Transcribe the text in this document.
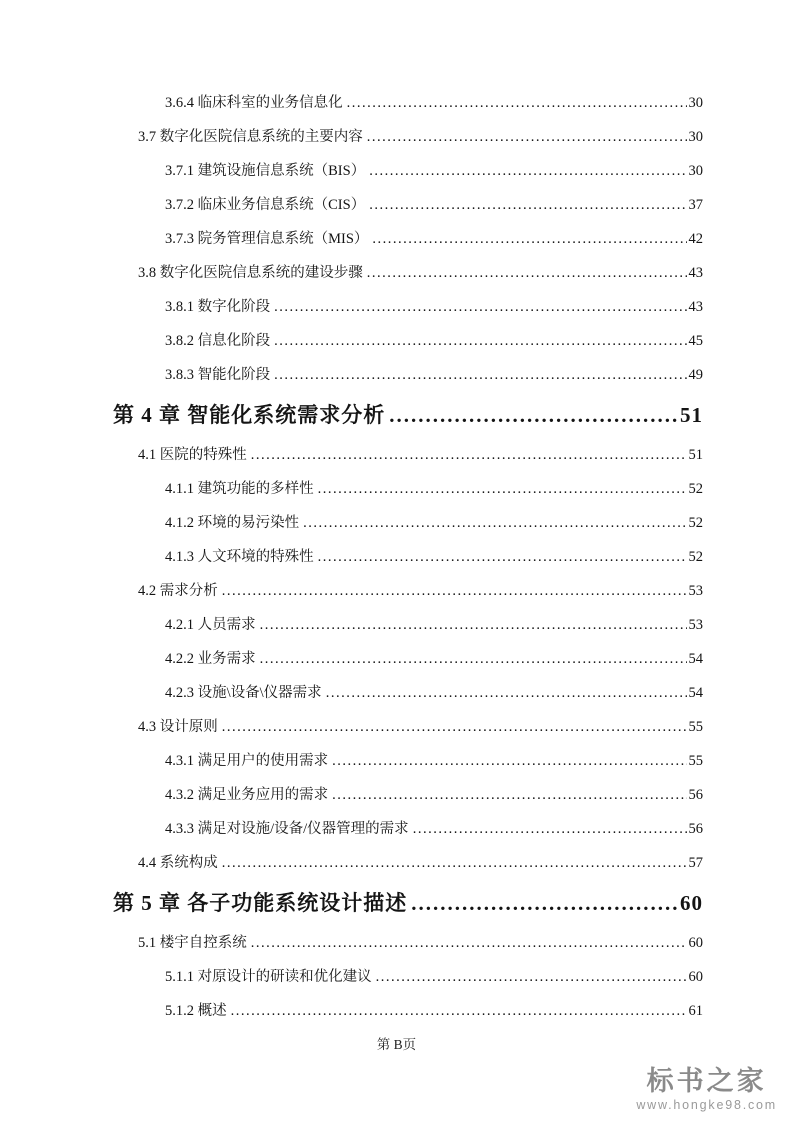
3.6.4 临床科室的业务信息化 .....	30
3.7 数字化医院信息系统的主要内容 .....	30
3.7.1 建筑设施信息系统（BIS） .....	30
3.7.2 临床业务信息系统（CIS） .....	37
3.7.3 院务管理信息系统（MIS） .....	42
3.8 数字化医院信息系统的建设步骤 .....	43
3.8.1 数字化阶段 .....	43
3.8.2 信息化阶段 .....	45
3.8.3 智能化阶段 .....	49
第 4 章 智能化系统需求分析 .....	51
4.1 医院的特殊性 .....	51
4.1.1 建筑功能的多样性 .....	52
4.1.2 环境的易污染性 .....	52
4.1.3 人文环境的特殊性 .....	52
4.2 需求分析 .....	53
4.2.1 人员需求 .....	53
4.2.2 业务需求 .....	54
4.2.3 设施\设备\仪器需求 .....	54
4.3 设计原则 .....	55
4.3.1 满足用户的使用需求 .....	55
4.3.2 满足业务应用的需求 .....	56
4.3.3 满足对设施/设备/仪器管理的需求 .....	56
4.4 系统构成 .....	57
第 5 章 各子功能系统设计描述 .....	60
5.1 楼宇自控系统 .....	60
5.1.1 对原设计的研读和优化建议 .....	60
5.1.2 概述 .....	61
第 B页
标书之家
www.hongke98.com
